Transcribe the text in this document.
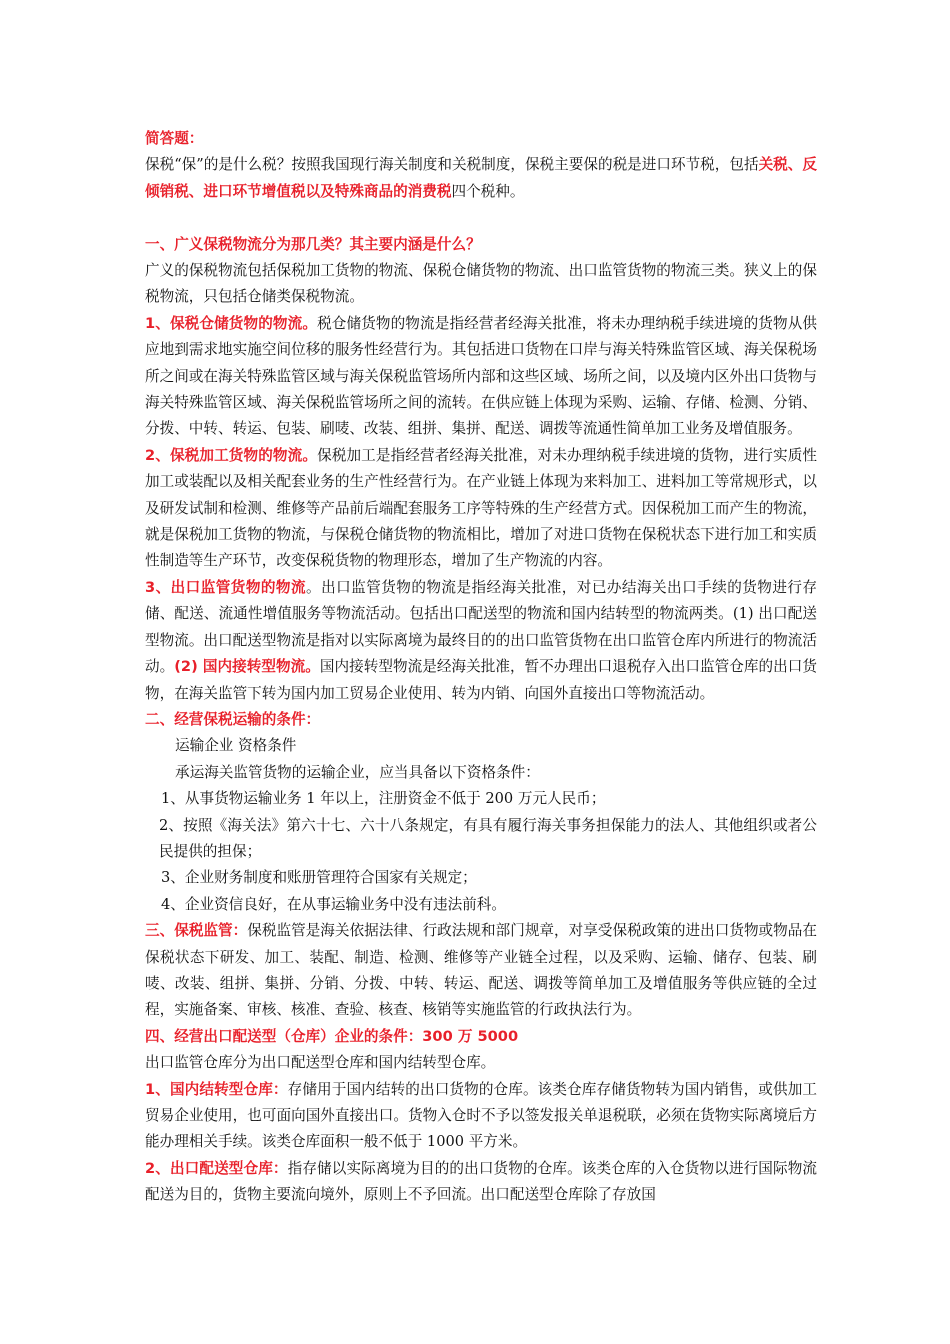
简答题：

保税“保”的是什么税？按照我国现行海关制度和关税制度，保税主要保的税是进口环节税，包括关税、反倾销税、进口环节增值税以及特殊商品的消费税四个税种。

一、广义保税物流分为那几类？其主要内涵是什么？

广义的保税物流包括保税加工货物的物流、保税仓储货物的物流、出口监管货物的物流三类。狭义上的保税物流，只包括仓储类保税物流。

1、保税仓储货物的物流。税仓储货物的物流是指经营者经海关批准，将未办理纳税手续进境的货物从供应地到需求地实施空间位移的服务性经营行为。其包括进口货物在口岸与海关特殊监管区域、海关保税场所之间或在海关特殊监管区域与海关保税监管场所内部和这些区域、场所之间，以及境内区外出口货物与海关特殊监管区域、海关保税监管场所之间的流转。在供应链上体现为采购、运输、存储、检测、分销、分拨、中转、转运、包装、刷唛、改装、组拼、集拼、配送、调拨等流通性简单加工业务及增值服务。

2、保税加工货物的物流。保税加工是指经营者经海关批准，对未办理纳税手续进境的货物，进行实质性加工或装配以及相关配套业务的生产性经营行为。在产业链上体现为来料加工、进料加工等常规形式，以及研发试制和检测、维修等产品前后端配套服务工序等特殊的生产经营方式。因保税加工而产生的物流，就是保税加工货物的物流，与保税仓储货物的物流相比，增加了对进口货物在保税状态下进行加工和实质性制造等生产环节，改变保税货物的物理形态，增加了生产物流的内容。

3、出口监管货物的物流。出口监管货物的物流是指经海关批准，对已办结海关出口手续的货物进行存储、配送、流通性增值服务等物流活动。包括出口配送型的物流和国内结转型的物流两类。(1) 出口配送型物流。出口配送型物流是指对以实际离境为最终目的的出口监管货物在出口监管仓库内所进行的物流活动。(2) 国内接转型物流。国内接转型物流是经海关批准，暂不办理出口退税存入出口监管仓库的出口货物，在海关监管下转为国内加工贸易企业使用、转为内销、向国外直接出口等物流活动。

二、经营保税运输的条件：

运输企业 资格条件

承运海关监管货物的运输企业，应当具备以下资格条件：

1、从事货物运输业务 1 年以上，注册资金不低于 200 万元人民币；

2、按照《海关法》第六十七、六十八条规定，有具有履行海关事务担保能力的法人、其他组织或者公民提供的担保；

3、企业财务制度和账册管理符合国家有关规定；

4、企业资信良好，在从事运输业务中没有违法前科。

三、保税监管：保税监管是海关依据法律、行政法规和部门规章，对享受保税政策的进出口货物或物品在保税状态下研发、加工、装配、制造、检测、维修等产业链全过程，以及采购、运输、储存、包装、刷唛、改装、组拼、集拼、分销、分拨、中转、转运、配送、调拨等简单加工及增值服务等供应链的全过程，实施备案、审核、核准、查验、核查、核销等实施监管的行政执法行为。

四、经营出口配送型（仓库）企业的条件：300 万 5000

出口监管仓库分为出口配送型仓库和国内结转型仓库。

1、国内结转型仓库：存储用于国内结转的出口货物的仓库。该类仓库存储货物转为国内销售，或供加工贸易企业使用，也可面向国外直接出口。货物入仓时不予以签发报关单退税联，必须在货物实际离境后方能办理相关手续。该类仓库面积一般不低于 1000 平方米。

2、出口配送型仓库：指存储以实际离境为目的的出口货物的仓库。该类仓库的入仓货物以进行国际物流配送为目的，货物主要流向境外，原则上不予回流。出口配送型仓库除了存放国
